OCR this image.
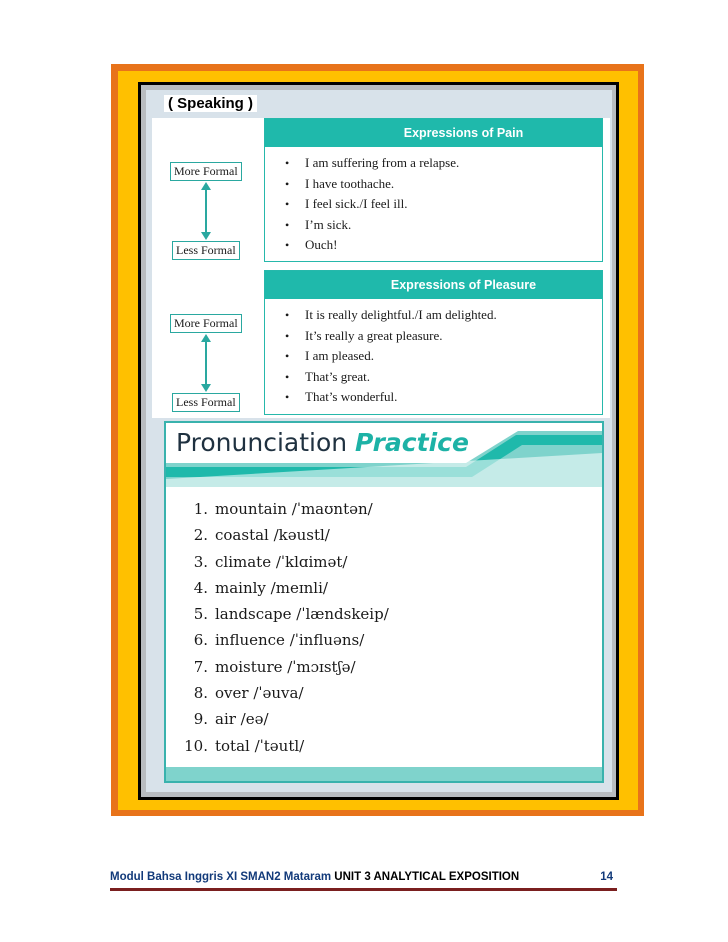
( Speaking )
More Formal
Less Formal
More Formal
Less Formal
Expressions of Pain
•	I am suffering from a relapse.
•	I have toothache.
•	I feel sick./I feel ill.
•	I’m sick.
•	Ouch!
Expressions of Pleasure
•	It is really delightful./I am delighted.
•	It’s really a great pleasure.
•	I am pleased.
•	That’s great.
•	That’s wonderful.
Pronunciation Practice
1. mountain /ˈmaʊntən/
2. coastal /kəustl/
3. climate /ˈklɑimət/
4. mainly /meɪnli/
5. landscape /ˈlændskeip/
6. influence /ˈinfluəns/
7. moisture /ˈmɔɪstʃə/
8. over /ˈəuva/
9. air /eə/
10. total /ˈtəutl/
Modul Bahsa Inggris XI SMAN2 Mataram UNIT 3 ANALYTICAL EXPOSITION	14
